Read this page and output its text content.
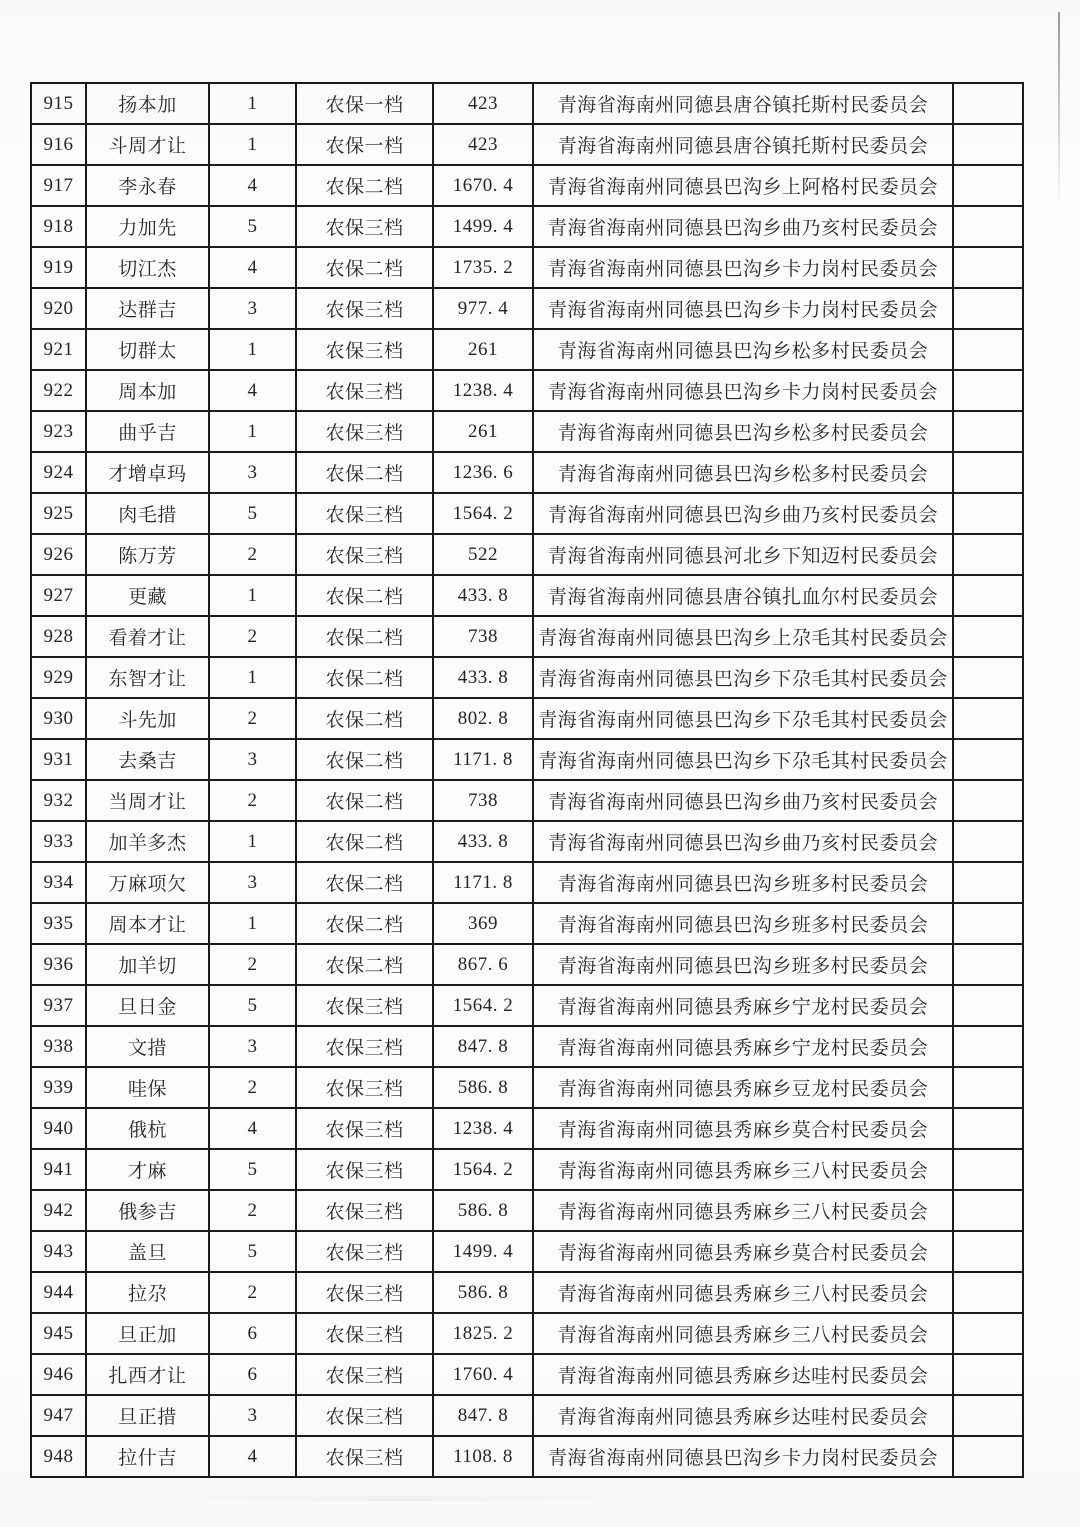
915	扬本加	1	农保一档	423	青海省海南州同德县唐谷镇托斯村民委员会	
916	斗周才让	1	农保一档	423	青海省海南州同德县唐谷镇托斯村民委员会	
917	李永春	4	农保二档	1670. 4	青海省海南州同德县巴沟乡上阿格村民委员会	
918	力加先	5	农保三档	1499. 4	青海省海南州同德县巴沟乡曲乃亥村民委员会	
919	切江杰	4	农保二档	1735. 2	青海省海南州同德县巴沟乡卡力岗村民委员会	
920	达群吉	3	农保三档	977. 4	青海省海南州同德县巴沟乡卡力岗村民委员会	
921	切群太	1	农保三档	261	青海省海南州同德县巴沟乡松多村民委员会	
922	周本加	4	农保三档	1238. 4	青海省海南州同德县巴沟乡卡力岗村民委员会	
923	曲乎吉	1	农保三档	261	青海省海南州同德县巴沟乡松多村民委员会	
924	才增卓玛	3	农保二档	1236. 6	青海省海南州同德县巴沟乡松多村民委员会	
925	肉毛措	5	农保三档	1564. 2	青海省海南州同德县巴沟乡曲乃亥村民委员会	
926	陈万芳	2	农保三档	522	青海省海南州同德县河北乡下知迈村民委员会	
927	更藏	1	农保二档	433. 8	青海省海南州同德县唐谷镇扎血尔村民委员会	
928	看着才让	2	农保二档	738	青海省海南州同德县巴沟乡上尕毛其村民委员会	
929	东智才让	1	农保二档	433. 8	青海省海南州同德县巴沟乡下尕毛其村民委员会	
930	斗先加	2	农保二档	802. 8	青海省海南州同德县巴沟乡下尕毛其村民委员会	
931	去桑吉	3	农保二档	1171. 8	青海省海南州同德县巴沟乡下尕毛其村民委员会	
932	当周才让	2	农保二档	738	青海省海南州同德县巴沟乡曲乃亥村民委员会	
933	加羊多杰	1	农保二档	433. 8	青海省海南州同德县巴沟乡曲乃亥村民委员会	
934	万麻项欠	3	农保二档	1171. 8	青海省海南州同德县巴沟乡班多村民委员会	
935	周本才让	1	农保二档	369	青海省海南州同德县巴沟乡班多村民委员会	
936	加羊切	2	农保二档	867. 6	青海省海南州同德县巴沟乡班多村民委员会	
937	旦日金	5	农保三档	1564. 2	青海省海南州同德县秀麻乡宁龙村民委员会	
938	文措	3	农保三档	847. 8	青海省海南州同德县秀麻乡宁龙村民委员会	
939	哇保	2	农保三档	586. 8	青海省海南州同德县秀麻乡豆龙村民委员会	
940	俄杭	4	农保三档	1238. 4	青海省海南州同德县秀麻乡莫合村民委员会	
941	才麻	5	农保三档	1564. 2	青海省海南州同德县秀麻乡三八村民委员会	
942	俄参吉	2	农保三档	586. 8	青海省海南州同德县秀麻乡三八村民委员会	
943	盖旦	5	农保三档	1499. 4	青海省海南州同德县秀麻乡莫合村民委员会	
944	拉尕	2	农保三档	586. 8	青海省海南州同德县秀麻乡三八村民委员会	
945	旦正加	6	农保三档	1825. 2	青海省海南州同德县秀麻乡三八村民委员会	
946	扎西才让	6	农保三档	1760. 4	青海省海南州同德县秀麻乡达哇村民委员会	
947	旦正措	3	农保三档	847. 8	青海省海南州同德县秀麻乡达哇村民委员会	
948	拉什吉	4	农保三档	1108. 8	青海省海南州同德县巴沟乡卡力岗村民委员会	
